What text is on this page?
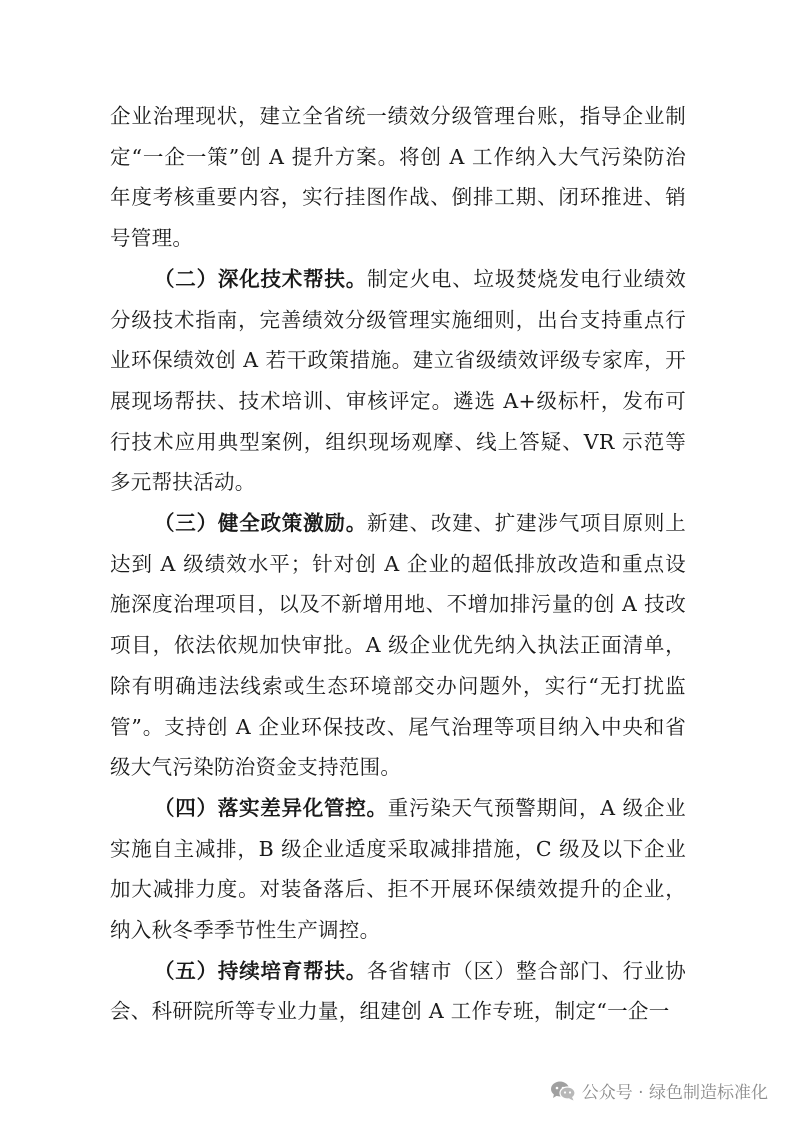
企业治理现状，建立全省统一绩效分级管理台账，指导企业制定“一企一策”创 A 提升方案。将创 A 工作纳入大气污染防治年度考核重要内容，实行挂图作战、倒排工期、闭环推进、销号管理。

（二）深化技术帮扶。制定火电、垃圾焚烧发电行业绩效分级技术指南，完善绩效分级管理实施细则，出台支持重点行业环保绩效创 A 若干政策措施。建立省级绩效评级专家库，开展现场帮扶、技术培训、审核评定。遴选 A+级标杆，发布可行技术应用典型案例，组织现场观摩、线上答疑、VR 示范等多元帮扶活动。

（三）健全政策激励。新建、改建、扩建涉气项目原则上达到 A 级绩效水平；针对创 A 企业的超低排放改造和重点设施深度治理项目，以及不新增用地、不增加排污量的创 A 技改项目，依法依规加快审批。A 级企业优先纳入执法正面清单，除有明确违法线索或生态环境部交办问题外，实行“无打扰监管”。支持创 A 企业环保技改、尾气治理等项目纳入中央和省级大气污染防治资金支持范围。

（四）落实差异化管控。重污染天气预警期间，A 级企业实施自主减排，B 级企业适度采取减排措施，C 级及以下企业加大减排力度。对装备落后、拒不开展环保绩效提升的企业，纳入秋冬季季节性生产调控。

（五）持续培育帮扶。各省辖市（区）整合部门、行业协会、科研院所等专业力量，组建创 A 工作专班，制定“一企一

公众号 · 绿色制造标准化
